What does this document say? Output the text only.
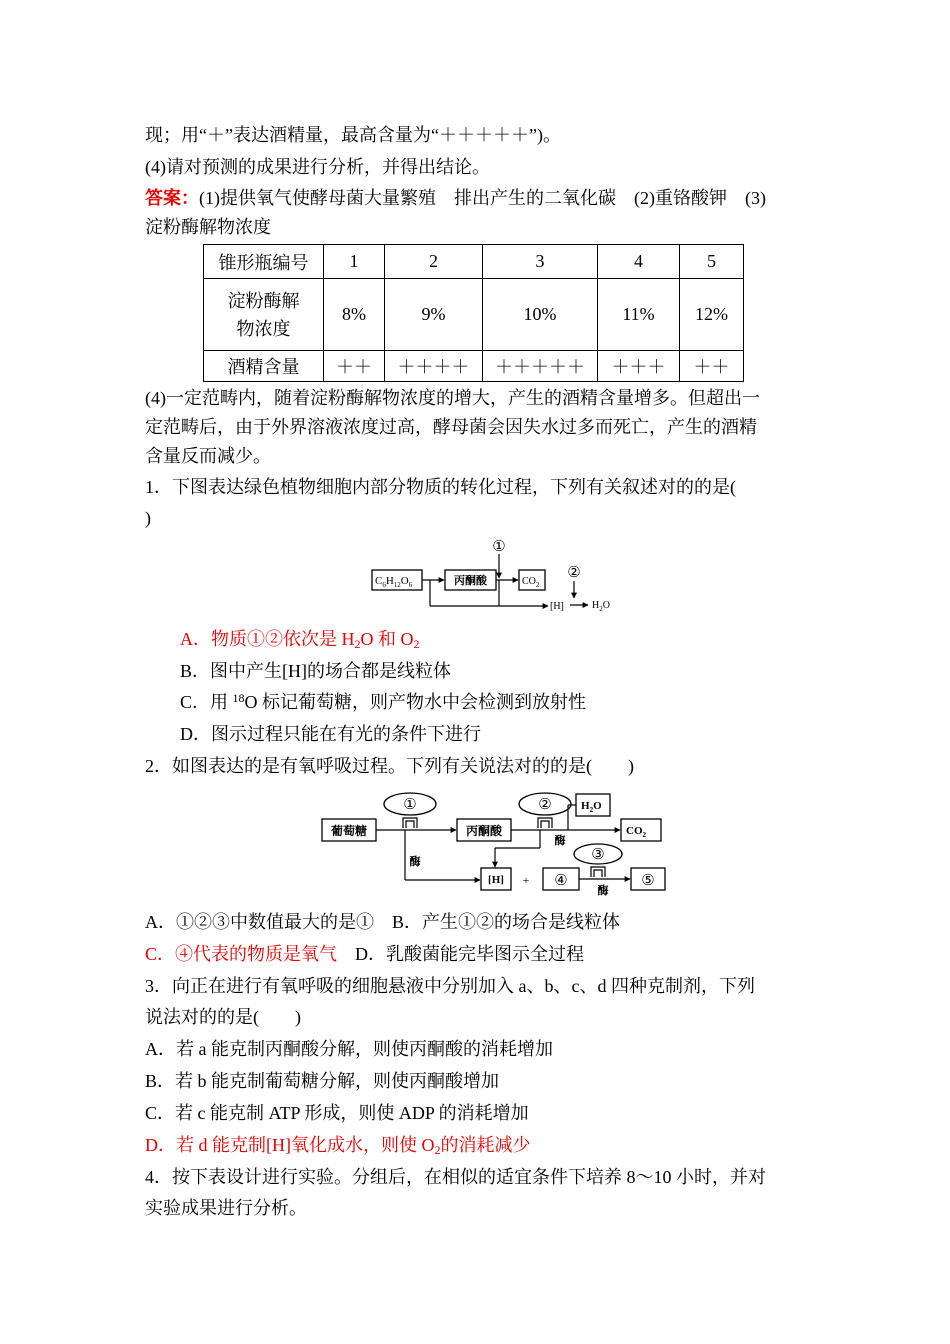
现；用“＋”表达酒精量，最高含量为“＋＋＋＋＋”)。
(4)请对预测的成果进行分析，并得出结论。
答案：(1)提供氧气使酵母菌大量繁殖　排出产生的二氧化碳　(2)重铬酸钾　(3)
淀粉酶解物浓度
锥形瓶编号	1	2	3	4	5

淀粉酶解
物浓度	8%	9%	10%	11%	12%
酒精含量	＋＋	＋＋＋＋	＋＋＋＋＋	＋＋＋	＋＋
(4)一定范畴内，随着淀粉酶解物浓度的增大，产生的酒精含量增多。但超出一
定范畴后，由于外界溶液浓度过高，酵母菌会因失水过多而死亡，产生的酒精
含量反而减少。
1．下图表达绿色植物细胞内部分物质的转化过程，下列有关叙述对的的是(
)
$C_6H_{12}O_6$	丙酮酸	$CO_2$
①
[H]
②
$H_2O$
A．物质①②依次是 $H_2O$ 和 $O_2$
B．图中产生[H]的场合都是线粒体
C．用 $^{18}$O 标记葡萄糖，则产物水中会检测到放射性
D．图示过程只能在有光的条件下进行
2．如图表达的是有氧呼吸过程。下列有关说法对的的是(　　)
葡萄糖
①
丙酮酸
②	$H_2O$
酶
$CO_2$
酶
[H] + ④
③
酶
⑤
A．①②③中数值最大的是①　B．产生①②的场合是线粒体
C．④代表的物质是氧气　D．乳酸菌能完毕图示全过程
3．向正在进行有氧呼吸的细胞悬液中分别加入 a、b、c、d 四种克制剂，下列
说法对的的是(　　)
A．若 a 能克制丙酮酸分解，则使丙酮酸的消耗增加
B．若 b 能克制葡萄糖分解，则使丙酮酸增加
C．若 c 能克制 ATP 形成，则使 ADP 的消耗增加
D．若 d 能克制[H]氧化成水，则使 $O_2$的消耗减少
4．按下表设计进行实验。分组后，在相似的适宜条件下培养 8～10 小时，并对
实验成果进行分析。
